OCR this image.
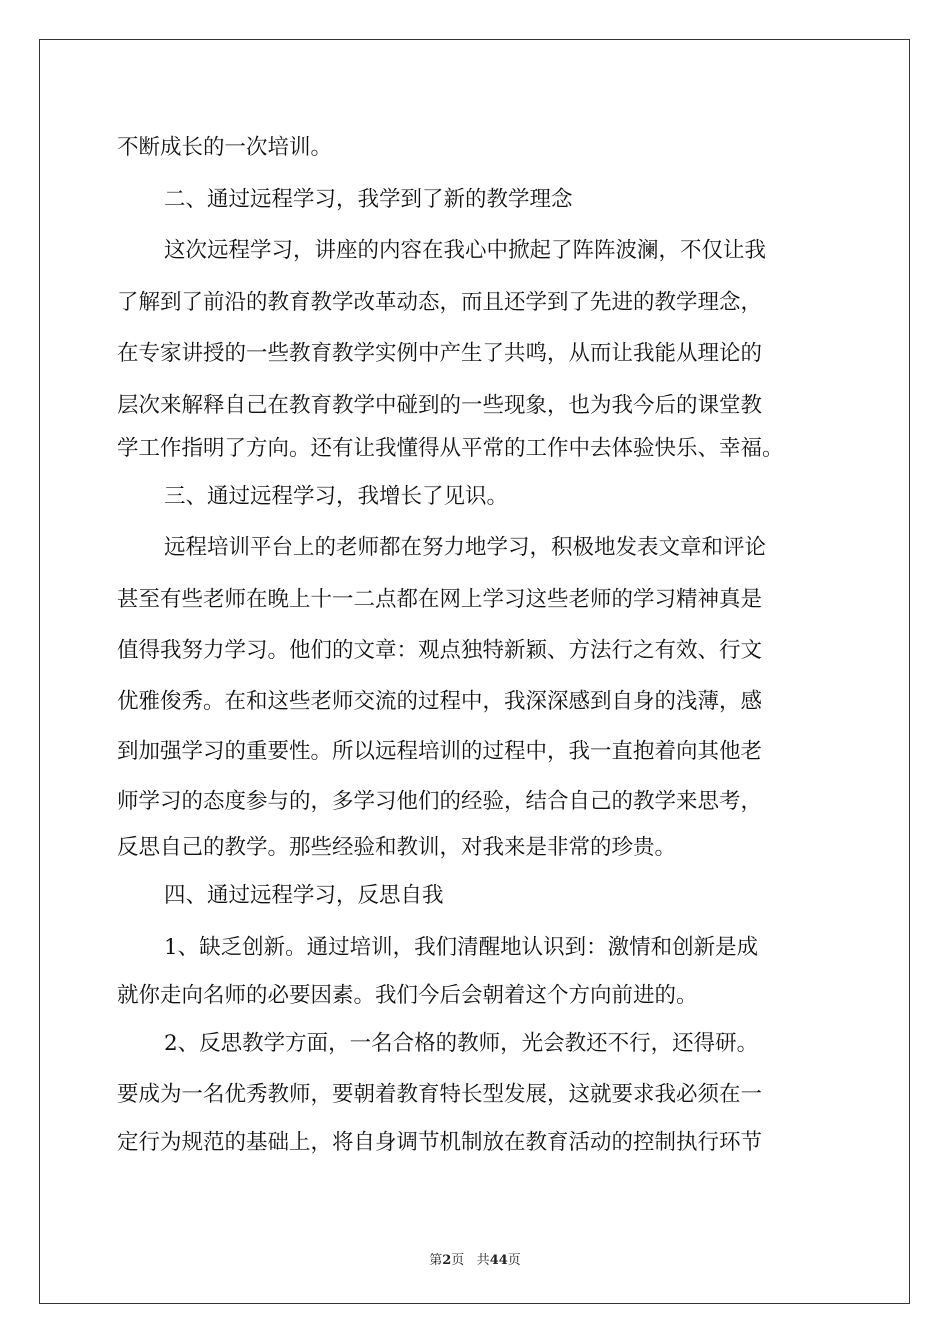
不断成长的一次培训。
二、通过远程学习，我学到了新的教学理念
这次远程学习，讲座的内容在我心中掀起了阵阵波澜，不仅让我
了解到了前沿的教育教学改革动态，而且还学到了先进的教学理念，
在专家讲授的一些教育教学实例中产生了共鸣，从而让我能从理论的
层次来解释自己在教育教学中碰到的一些现象，也为我今后的课堂教
学工作指明了方向。还有让我懂得从平常的工作中去体验快乐、幸福。
三、通过远程学习，我增长了见识。
远程培训平台上的老师都在努力地学习，积极地发表文章和评论
甚至有些老师在晚上十一二点都在网上学习这些老师的学习精神真是
值得我努力学习。他们的文章：观点独特新颖、方法行之有效、行文
优雅俊秀。在和这些老师交流的过程中，我深深感到自身的浅薄，感
到加强学习的重要性。所以远程培训的过程中，我一直抱着向其他老
师学习的态度参与的，多学习他们的经验，结合自己的教学来思考，
反思自己的教学。那些经验和教训，对我来是非常的珍贵。
四、通过远程学习，反思自我
1、缺乏创新。通过培训，我们清醒地认识到：激情和创新是成
就你走向名师的必要因素。我们今后会朝着这个方向前进的。
2、反思教学方面，一名合格的教师，光会教还不行，还得研。
要成为一名优秀教师，要朝着教育特长型发展，这就要求我必须在一
定行为规范的基础上，将自身调节机制放在教育活动的控制执行环节
第2页 共44页
